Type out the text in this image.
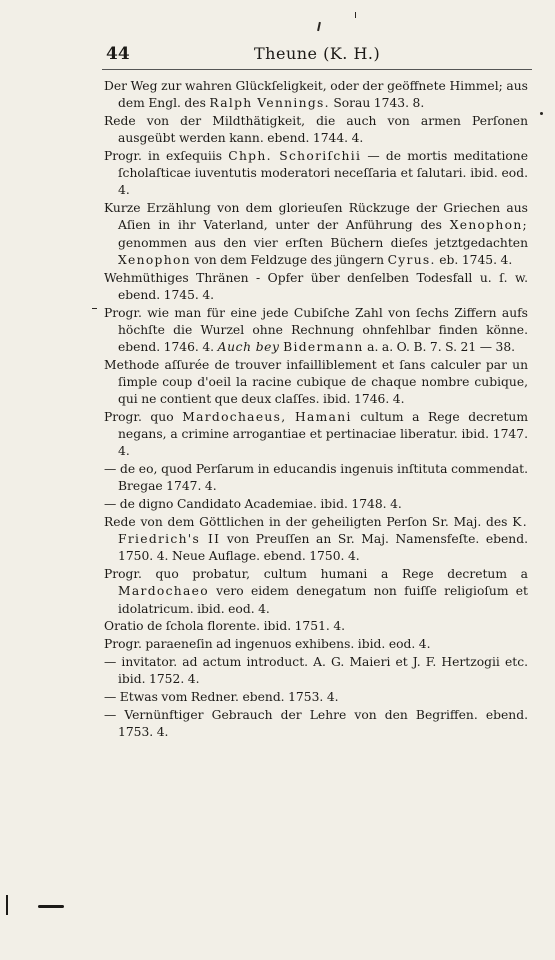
44	Theune (K. H.)
Der Weg zur wahren Glückſeligkeit, oder der geöffnete Himmel; aus dem Engl. des Ralph Vennings. Sorau 1743. 8.
Rede von der Mildthätigkeit, die auch von armen Perſonen ausgeübt werden kann. ebend. 1744. 4.
Progr. in exſequiis Chph. Schoriſchii — de mortis meditatione ſcholaſticae iuventutis moderatori neceſſaria et ſalutari. ibid. eod. 4.
Kurze Erzählung von dem glorieuſen Rückzuge der Griechen aus Aſien in ihr Vaterland, unter der Anführung des Xenophon; genommen aus den vier erſten Büchern dieſes jetztgedachten Xenophon von dem Feldzuge des jüngern Cyrus. eb. 1745. 4.
Wehmüthiges Thränen - Opfer über denſelben Todesfall u. ſ. w. ebend. 1745. 4.
Progr. wie man für eine jede Cubiſche Zahl von ſechs Ziffern aufs höchſte die Wurzel ohne Rechnung ohnfehlbar finden könne. ebend. 1746. 4. Auch bey Bidermann a. a. O. B. 7. S. 21 — 38.
Methode aſſurée de trouver infailliblement et ſans calculer par un ſimple coup d'oeil la racine cubique de chaque nombre cubique, qui ne contient que deux claſſes. ibid. 1746. 4.
Progr. quo Mardochaeus, Hamani cultum a Rege decretum negans, a crimine arrogantiae et pertinaciae liberatur. ibid. 1747. 4.
— de eo, quod Perſarum in educandis ingenuis inſtituta commendat. Bregae 1747. 4.
— de digno Candidato Academiae. ibid. 1748. 4.
Rede von dem Göttlichen in der geheiligten Perſon Sr. Maj. des K. Friedrich's II von Preuſſen an Sr. Maj. Namensfeſte. ebend. 1750. 4. Neue Auflage. ebend. 1750. 4.
Progr. quo probatur, cultum humani a Rege decretum a Mardochaeo vero eidem denegatum non fuiſſe religioſum et idolatricum. ibid. eod. 4.
Oratio de ſchola florente. ibid. 1751. 4.
Progr. paraeneſin ad ingenuos exhibens. ibid. eod. 4.
— invitator. ad actum introduct. A. G. Maieri et J. F. Hertzogii etc. ibid. 1752. 4.
— Etwas vom Redner. ebend. 1753. 4.
— Vernünftiger Gebrauch der Lehre von den Begriffen. ebend. 1753. 4.
